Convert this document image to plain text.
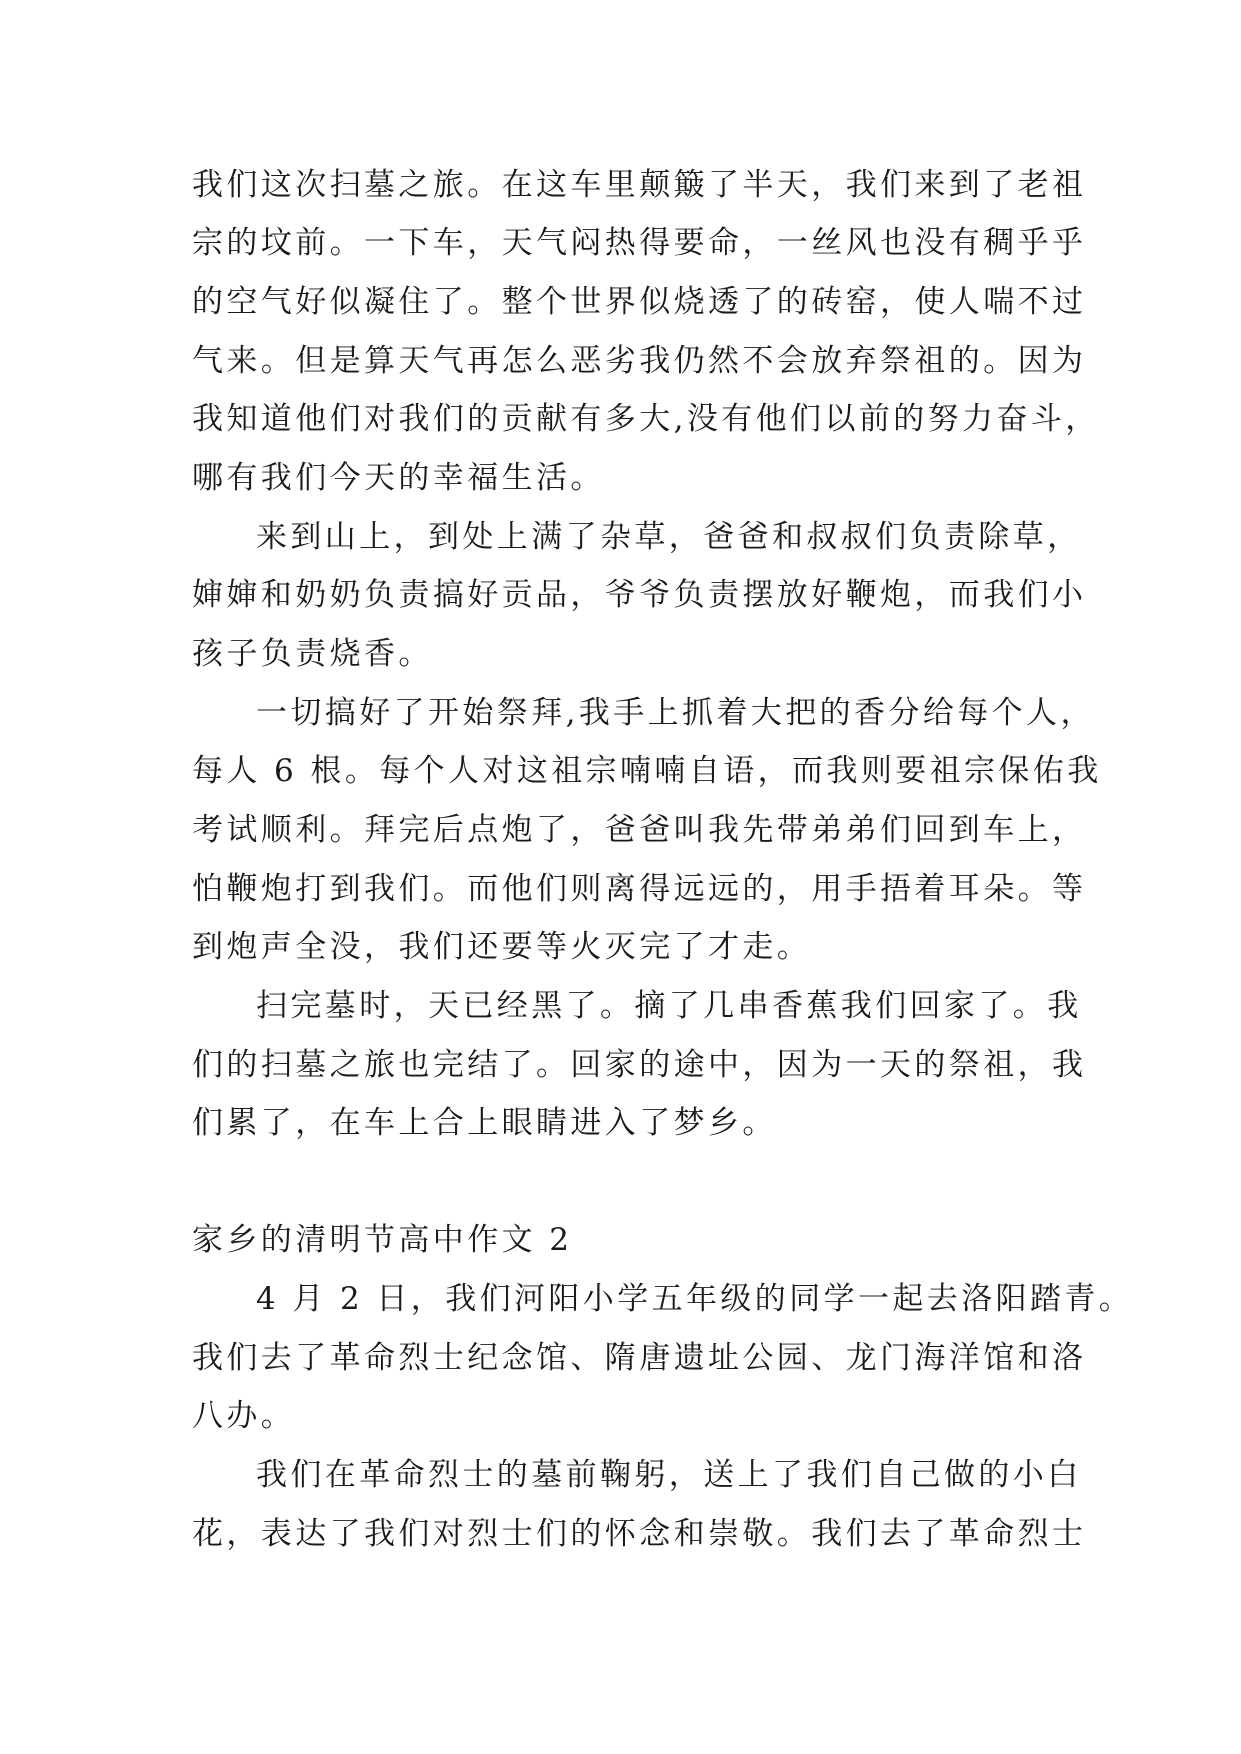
我们这次扫墓之旅。在这车里颠簸了半天，我们来到了老祖

宗的坟前。一下车，天气闷热得要命，一丝风也没有稠乎乎

的空气好似凝住了。整个世界似烧透了的砖窑，使人喘不过

气来。但是算天气再怎么恶劣我仍然不会放弃祭祖的。因为

我知道他们对我们的贡献有多大,没有他们以前的努力奋斗，

哪有我们今天的幸福生活。

来到山上，到处上满了杂草，爸爸和叔叔们负责除草，

婶婶和奶奶负责搞好贡品，爷爷负责摆放好鞭炮，而我们小

孩子负责烧香。

一切搞好了开始祭拜,我手上抓着大把的香分给每个人，

每人 6 根。每个人对这祖宗喃喃自语，而我则要祖宗保佑我

考试顺利。拜完后点炮了，爸爸叫我先带弟弟们回到车上，

怕鞭炮打到我们。而他们则离得远远的，用手捂着耳朵。等

到炮声全没，我们还要等火灭完了才走。

扫完墓时，天已经黑了。摘了几串香蕉我们回家了。我

们的扫墓之旅也完结了。回家的途中，因为一天的祭祖，我

们累了，在车上合上眼睛进入了梦乡。

家乡的清明节高中作文 2

4 月 2 日，我们河阳小学五年级的同学一起去洛阳踏青。

我们去了革命烈士纪念馆、隋唐遗址公园、龙门海洋馆和洛

八办。

我们在革命烈士的墓前鞠躬，送上了我们自己做的小白

花，表达了我们对烈士们的怀念和崇敬。我们去了革命烈士
